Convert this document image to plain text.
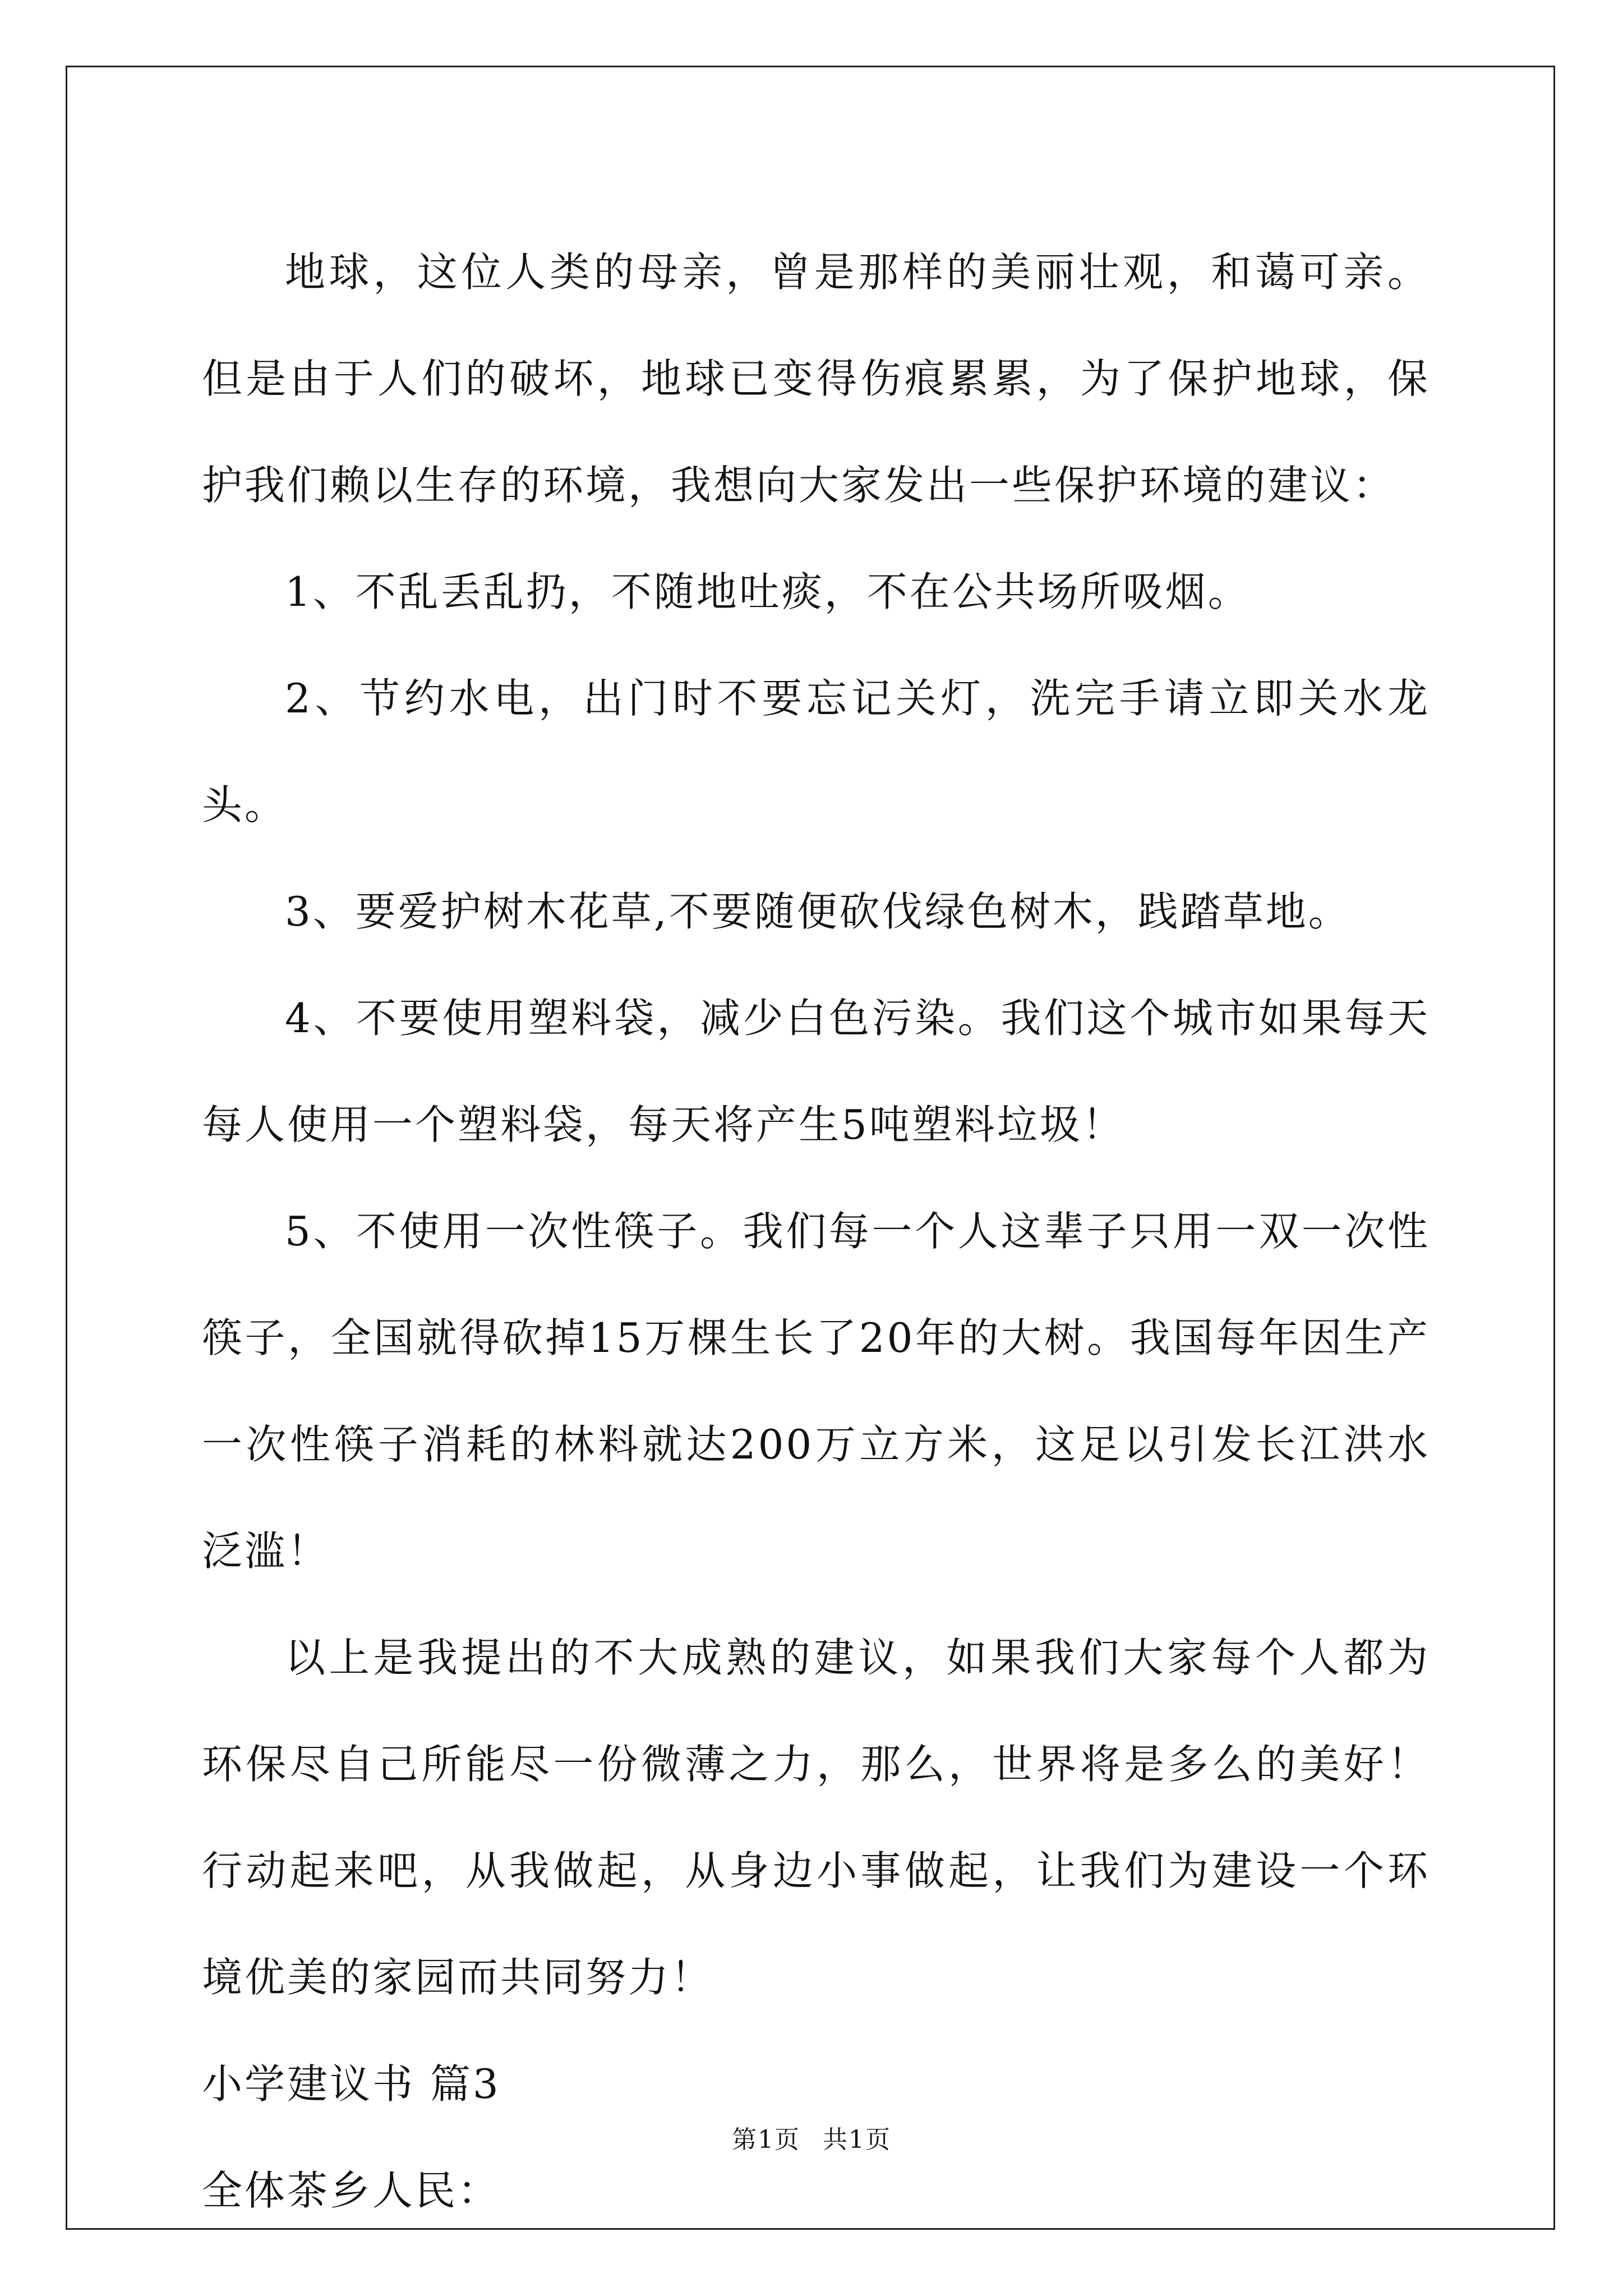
地球，这位人类的母亲，曾是那样的美丽壮观，和蔼可亲。但是由于人们的破坏，地球已变得伤痕累累，为了保护地球，保护我们赖以生存的环境，我想向大家发出一些保护环境的建议：

1、不乱丢乱扔，不随地吐痰，不在公共场所吸烟。

2、节约水电，出门时不要忘记关灯，洗完手请立即关水龙头。

3、要爱护树木花草,不要随便砍伐绿色树木，践踏草地。

4、不要使用塑料袋，减少白色污染。我们这个城市如果每天每人使用一个塑料袋，每天将产生5吨塑料垃圾！

5、不使用一次性筷子。我们每一个人这辈子只用一双一次性筷子，全国就得砍掉15万棵生长了20年的大树。我国每年因生产一次性筷子消耗的林料就达200万立方米，这足以引发长江洪水泛滥！

以上是我提出的不大成熟的建议，如果我们大家每个人都为环保尽自己所能尽一份微薄之力，那么，世界将是多么的美好！行动起来吧，从我做起，从身边小事做起，让我们为建设一个环境优美的家园而共同努力！

小学建议书 篇3

全体茶乡人民：

第1页 共1页
